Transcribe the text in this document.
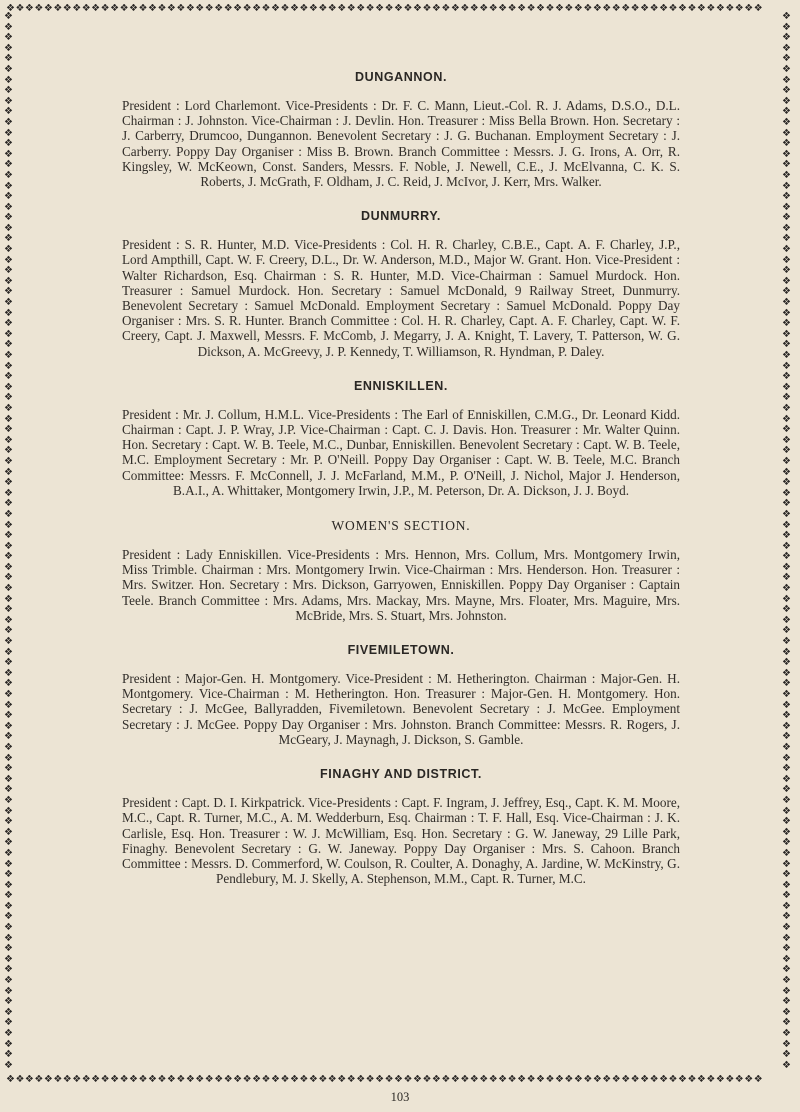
❖❖❖❖❖❖❖❖❖❖❖❖❖❖❖❖❖❖❖❖❖❖❖❖❖❖❖❖❖❖❖❖❖❖❖❖❖❖❖❖❖❖❖❖❖❖❖❖❖❖❖❖❖❖❖❖❖❖❖❖❖❖❖❖❖❖❖❖❖❖❖❖❖❖❖❖❖❖❖❖
❖❖❖❖❖❖❖❖❖❖❖❖❖❖❖❖❖❖❖❖❖❖❖❖❖❖❖❖❖❖❖❖❖❖❖❖❖❖❖❖❖❖❖❖❖❖❖❖❖❖❖❖❖❖❖❖❖❖❖❖❖❖❖❖❖❖❖❖❖❖❖❖❖❖❖❖❖❖❖❖
❖❖❖❖❖❖❖❖❖❖❖❖❖❖❖❖❖❖❖❖❖❖❖❖❖❖❖❖❖❖❖❖❖❖❖❖❖❖❖❖❖❖❖❖❖❖❖❖❖❖❖❖❖❖❖❖❖❖❖❖❖❖❖❖❖❖❖❖❖❖❖❖❖❖❖❖❖❖❖❖❖❖❖❖❖❖❖❖❖❖❖❖❖❖❖❖❖❖❖❖
❖❖❖❖❖❖❖❖❖❖❖❖❖❖❖❖❖❖❖❖❖❖❖❖❖❖❖❖❖❖❖❖❖❖❖❖❖❖❖❖❖❖❖❖❖❖❖❖❖❖❖❖❖❖❖❖❖❖❖❖❖❖❖❖❖❖❖❖❖❖❖❖❖❖❖❖❖❖❖❖❖❖❖❖❖❖❖❖❖❖❖❖❖❖❖❖❖❖❖❖
DUNGANNON.

President : Lord Charlemont. Vice-Presidents : Dr. F. C. Mann, Lieut.-Col. R. J. Adams, D.S.O., D.L. Chairman : J. Johnston. Vice-Chairman : J. Devlin. Hon. Treasurer : Miss Bella Brown. Hon. Secretary : J. Carberry, Drumcoo, Dungannon. Benevolent Secretary : J. G. Buchanan. Employment Secretary : J. Carberry. Poppy Day Organiser : Miss B. Brown. Branch Committee : Messrs. J. G. Irons, A. Orr, R. Kingsley, W. McKeown, Const. Sanders, Messrs. F. Noble, J. Newell, C.E., J. McElvanna, C. K. S. Roberts, J. McGrath, F. Oldham, J. C. Reid, J. McIvor, J. Kerr, Mrs. Walker.

DUNMURRY.

President : S. R. Hunter, M.D. Vice-Presidents : Col. H. R. Charley, C.B.E., Capt. A. F. Charley, J.P., Lord Ampthill, Capt. W. F. Creery, D.L., Dr. W. Anderson, M.D., Major W. Grant. Hon. Vice-President : Walter Richardson, Esq. Chairman : S. R. Hunter, M.D. Vice-Chairman : Samuel Murdock. Hon. Treasurer : Samuel Murdock. Hon. Secretary : Samuel McDonald, 9 Railway Street, Dunmurry. Benevolent Secretary : Samuel McDonald. Employment Secretary : Samuel McDonald. Poppy Day Organiser : Mrs. S. R. Hunter. Branch Committee : Col. H. R. Charley, Capt. A. F. Charley, Capt. W. F. Creery, Capt. J. Maxwell, Messrs. F. McComb, J. Megarry, J. A. Knight, T. Lavery, T. Patterson, W. G. Dickson, A. McGreevy, J. P. Kennedy, T. Williamson, R. Hyndman, P. Daley.

ENNISKILLEN.

President : Mr. J. Collum, H.M.L. Vice-Presidents : The Earl of Enniskillen, C.M.G., Dr. Leonard Kidd. Chairman : Capt. J. P. Wray, J.P. Vice-Chairman : Capt. C. J. Davis. Hon. Treasurer : Mr. Walter Quinn. Hon. Secretary : Capt. W. B. Teele, M.C., Dunbar, Enniskillen. Benevolent Secretary : Capt. W. B. Teele, M.C. Employment Secretary : Mr. P. O'Neill. Poppy Day Organiser : Capt. W. B. Teele, M.C. Branch Committee: Messrs. F. McConnell, J. J. McFarland, M.M., P. O'Neill, J. Nichol, Major J. Henderson, B.A.I., A. Whittaker, Montgomery Irwin, J.P., M. Peterson, Dr. A. Dickson, J. J. Boyd.

WOMEN'S SECTION.

President : Lady Enniskillen. Vice-Presidents : Mrs. Hennon, Mrs. Collum, Mrs. Montgomery Irwin, Miss Trimble. Chairman : Mrs. Montgomery Irwin. Vice-Chairman : Mrs. Henderson. Hon. Treasurer : Mrs. Switzer. Hon. Secretary : Mrs. Dickson, Garryowen, Enniskillen. Poppy Day Organiser : Captain Teele. Branch Committee : Mrs. Adams, Mrs. Mackay, Mrs. Mayne, Mrs. Floater, Mrs. Maguire, Mrs. McBride, Mrs. S. Stuart, Mrs. Johnston.

FIVEMILETOWN.

President : Major-Gen. H. Montgomery. Vice-President : M. Hetherington. Chairman : Major-Gen. H. Montgomery. Vice-Chairman : M. Hetherington. Hon. Treasurer : Major-Gen. H. Montgomery. Hon. Secretary : J. McGee, Ballyradden, Fivemiletown. Benevolent Secretary : J. McGee. Employment Secretary : J. McGee. Poppy Day Organiser : Mrs. Johnston. Branch Committee: Messrs. R. Rogers, J. McGeary, J. Maynagh, J. Dickson, S. Gamble.

FINAGHY AND DISTRICT.

President : Capt. D. I. Kirkpatrick. Vice-Presidents : Capt. F. Ingram, J. Jeffrey, Esq., Capt. K. M. Moore, M.C., Capt. R. Turner, M.C., A. M. Wedderburn, Esq. Chairman : T. F. Hall, Esq. Vice-Chairman : J. K. Carlisle, Esq. Hon. Treasurer : W. J. McWilliam, Esq. Hon. Secretary : G. W. Janeway, 29 Lille Park, Finaghy. Benevolent Secretary : G. W. Janeway. Poppy Day Organiser : Mrs. S. Cahoon. Branch Committee : Messrs. D. Commerford, W. Coulson, R. Coulter, A. Donaghy, A. Jardine, W. McKinstry, G. Pendlebury, M. J. Skelly, A. Stephenson, M.M., Capt. R. Turner, M.C.

103
